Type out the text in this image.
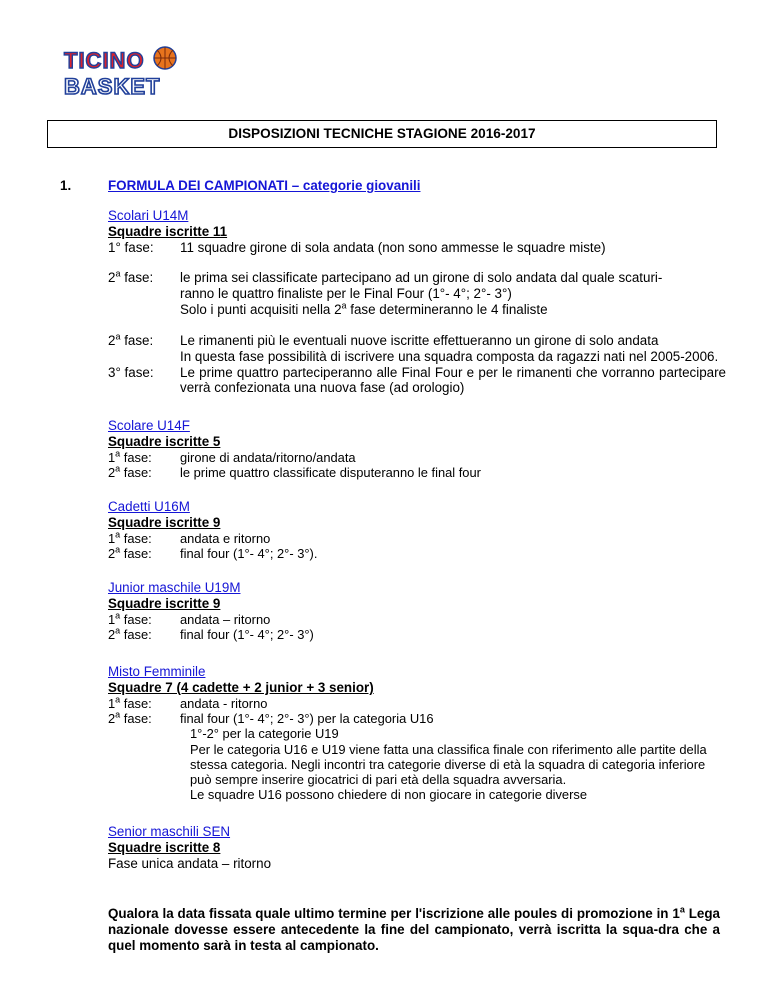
TICINO
BASKET
DISPOSIZIONI TECNICHE STAGIONE 2016-2017
1.	FORMULA DEI CAMPIONATI – categorie giovanili
Scolari U14M
Squadre iscritte 11
1° fase:	11 squadre girone di sola andata (non sono ammesse le squadre miste)
2$^a$ fase:	le prima sei classificate partecipano ad un girone di solo andata dal quale scaturi-
ranno le quattro finaliste per le Final Four (1°- 4°; 2°- 3°)
Solo i punti acquisiti nella 2$^a$ fase determineranno le 4 finaliste
2$^a$ fase:	Le rimanenti più le eventuali nuove iscritte effettueranno un girone di solo andata
In questa fase possibilità di iscrivere una squadra composta da ragazzi nati nel 2005-2006.
3° fase:	Le prime quattro parteciperanno alle Final Four e per le rimanenti che vorranno partecipare verrà confezionata una nuova fase (ad orologio)
Scolare U14F
Squadre iscritte 5
1$^a$ fase:	girone di andata/ritorno/andata
2$^a$ fase:	le prime quattro classificate disputeranno le final four
Cadetti U16M
Squadre iscritte 9
1$^a$ fase:	andata e ritorno
2$^a$ fase:	final four (1°- 4°; 2°- 3°).
Junior maschile U19M
Squadre iscritte 9
1$^a$ fase:	andata – ritorno
2$^a$ fase:	final four (1°- 4°; 2°- 3°)
Misto Femminile
Squadre 7 (4 cadette + 2 junior + 3 senior)
1$^a$ fase:	andata - ritorno
2$^a$ fase:	final four (1°- 4°; 2°- 3°) per la categoria U16
1°-2° per la categorie U19
Per le categoria U16 e U19 viene fatta una classifica finale con riferimento alle partite della stessa categoria. Negli incontri tra categorie diverse di età la squadra di categoria inferiore può sempre inserire giocatrici di pari età della squadra avversaria.
Le squadre U16 possono chiedere di non giocare in categorie diverse
Senior maschili SEN
Squadre iscritte 8
Fase unica andata – ritorno
Qualora la data fissata quale ultimo termine per l'iscrizione alle poules di promozione in 1$^a$ Lega nazionale dovesse essere antecedente la fine del campionato, verrà iscritta la squa-dra che a quel momento sarà in testa al campionato.
